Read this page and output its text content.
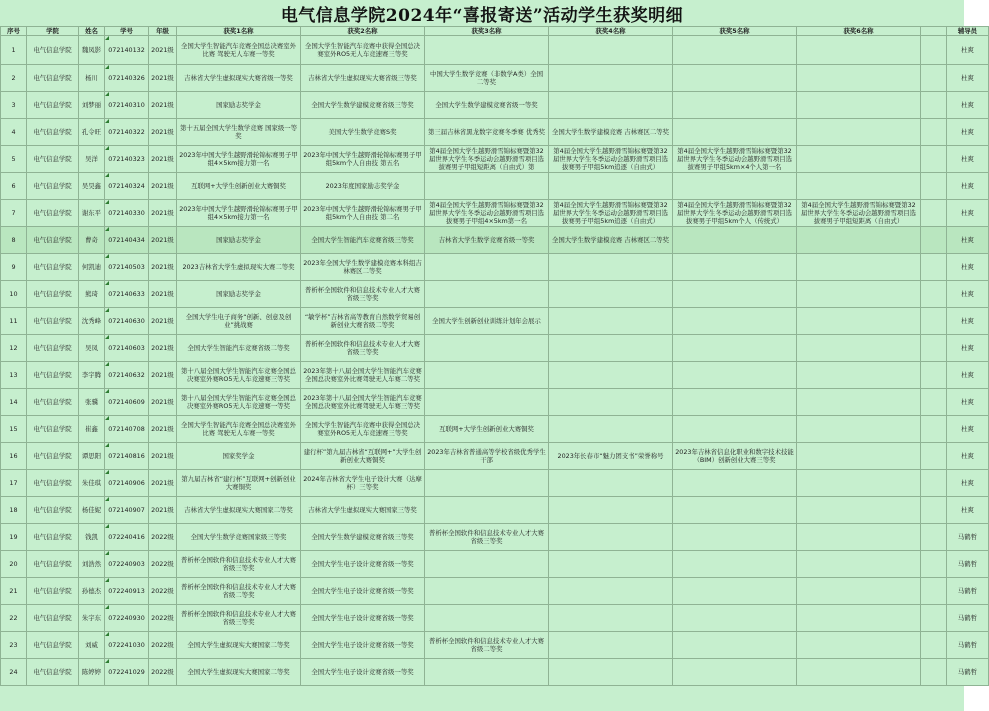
电气信息学院2024年“喜报寄送”活动学生获奖明细
序号	学院	姓名	学号	年级	获奖1名称	获奖2名称	获奖3名称	获奖4名称	获奖5名称	获奖6名称		辅导员
1	电气信息学院	魏凤影	072140132	2021级	全国大学生智能汽车竞赛全国总决赛室外比赛 驾驶无人车赛一等奖	全国大学生智能汽车竞赛中获得全国总决赛室外RO5无人车竞速赛三等奖						杜爽
2	电气信息学院	杨川	072140326	2021级	吉林省大学生虚拟现实大赛省级一等奖	吉林省大学生虚拟现实大赛省级三等奖	中国大学生数学竞赛（非数学A类）全国二等奖					杜爽
3	电气信息学院	刘梦丽	072140310	2021级	国家励志奖学金	全国大学生数学建模竞赛省级三等奖	全国大学生数学建模竞赛省级一等奖					杜爽
4	电气信息学院	孔令旺	072140322	2021级	第十五届全国大学生数学竞赛 国家级一等奖	美国大学生数学竞赛S奖	第三届吉林省黑龙数字竞赛冬季赛 优秀奖	全国大学生数学建模竞赛 吉林赛区二等奖				杜爽
5	电气信息学院	吴洋	072140323	2021级	2023年中国大学生越野滑轮锦标赛男子甲组4×5km接力第一名	2023年中国大学生越野滑轮锦标赛男子甲组5km个人自由技 第五名	第4届全国大学生越野滑雪锦标赛暨第32届世界大学生冬季运动会越野滑雪项目选拔赛男子甲组短距离（自由式）第	第4届全国大学生越野滑雪锦标赛暨第32届世界大学生冬季运动会越野滑雪项目选拔赛男子甲组5km追逐（自由式）	第4届全国大学生越野滑雪锦标赛暨第32届世界大学生冬季运动会越野滑雪项目选拔赛男子甲组5km×4个人第一名			杜爽
6	电气信息学院	吴昊鑫	072140324	2021级	互联网+大学生创新创业大赛铜奖	2023年度国家励志奖学金						杜爽
7	电气信息学院	谢东平	072140330	2021级	2023年中国大学生越野滑轮锦标赛男子甲组4×5km接力第一名	2023年中国大学生越野滑轮锦标赛男子甲组5km个人自由技 第二名	第4届全国大学生越野滑雪锦标赛暨第32届世界大学生冬季运动会越野滑雪项目选拔赛男子甲组4×5km第一名	第4届全国大学生越野滑雪锦标赛暨第32届世界大学生冬季运动会越野滑雪项目选拔赛男子甲组5km追逐（自由式）	第4届全国大学生越野滑雪锦标赛暨第32届世界大学生冬季运动会越野滑雪项目选拔赛男子甲组5km个人（传统式）	第4届全国大学生越野滑雪锦标赛暨第32届世界大学生冬季运动会越野滑雪项目选拔赛男子甲组短距离（自由式）		杜爽
8	电气信息学院	曹奇	072140434	2021级	国家励志奖学金	全国大学生智能汽车竞赛省级三等奖	吉林省大学生数学竞赛省级一等奖	全国大学生数学建模竞赛 吉林赛区二等奖				杜爽
9	电气信息学院	何凯迪	072140503	2021级	2023吉林省大学生虚拟现实大赛二等奖	2023年全国大学生数学建模竞赛本科组吉林赛区二等奖						杜爽
10	电气信息学院	熊琦	072140633	2021级	国家励志奖学金	普析杯全国软件和信息技术专业人才大赛省级三等奖						杜爽
11	电气信息学院	沈秀峰	072140630	2021级	全国大学生电子商务“创新、创意及创业”挑战赛	“敏学杯”吉林省高等教育自然数学贸易创新创业大赛省级二等奖	全国大学生创新创业训练计划年会展示					杜爽
12	电气信息学院	吴凤	072140603	2021级	全国大学生智能汽车竞赛省级二等奖	普析杯全国软件和信息技术专业人才大赛省级三等奖						杜爽
13	电气信息学院	李宇腾	072140632	2021级	第十八届全国大学生智能汽车竞赛全国总决赛室外赛RO5无人车竞速赛三等奖	2023年第十八届全国大学生智能汽车竞赛全国总决赛室外比赛驾驶无人车赛二等奖						杜爽
14	电气信息学院	张骥	072140609	2021级	第十八届全国大学生智能汽车竞赛全国总决赛室外赛RO5无人车竞速赛一等奖	2023年第十八届全国大学生智能汽车竞赛全国总决赛室外比赛驾驶无人车赛三等奖						杜爽
15	电气信息学院	崔鑫	072140708	2021级	全国大学生智能汽车竞赛全国总决赛室外比赛 驾驶无人车赛一等奖	全国大学生智能汽车竞赛中获得全国总决赛室外RO5无人车竞速赛三等奖	互联网+大学生创新创业大赛铜奖					杜爽
16	电气信息学院	谭思阳	072140816	2021级	国家奖学金	建行杯”第九届吉林省“互联网+”大学生创新创业大赛铜奖	2023年吉林省普通高等学校省级优秀学生干部	2023年长春市“魅力团支书”荣誉称号	2023年吉林省信息化职业和数字技术技能（BIM）创新创业大赛三等奖			杜爽
17	电气信息学院	朱佳琪	072140906	2021级	第九届吉林省“建行杯”互联网+创新创业大赛铜奖	2024年吉林省大学生电子设计大赛（达摩杯）三等奖						杜爽
18	电气信息学院	杨佳妮	072140907	2021级	吉林省大学生虚拟现实大赛国家二等奖	吉林省大学生虚拟现实大赛国家三等奖						杜爽
19	电气信息学院	钱凯	072240416	2022级	全国大学生数学竞赛国家级三等奖	全国大学生数学建模竞赛省级三等奖	普析杯全国软件和信息技术专业人才大赛省级三等奖					马鹤哲
20	电气信息学院	刘浩然	072240903	2022级	普析杯全国软件和信息技术专业人才大赛省级三等奖	全国大学生电子设计竞赛省级一等奖						马鹤哲
21	电气信息学院	孙德杰	072240913	2022级	普析杯全国软件和信息技术专业人才大赛省级二等奖	全国大学生电子设计竞赛省级一等奖						马鹤哲
22	电气信息学院	朱宇东	072240930	2022级	普析杯全国软件和信息技术专业人才大赛省级三等奖	全国大学生电子设计竞赛省级一等奖						马鹤哲
23	电气信息学院	刘威	072241030	2022级	全国大学生虚拟现实大赛国家二等奖	全国大学生电子设计竞赛省级一等奖	普析杯全国软件和信息技术专业人才大赛省级二等奖					马鹤哲
24	电气信息学院	陈婷婷	072241029	2022级	全国大学生虚拟现实大赛国家二等奖	全国大学生电子设计竞赛省级一等奖						马鹤哲
